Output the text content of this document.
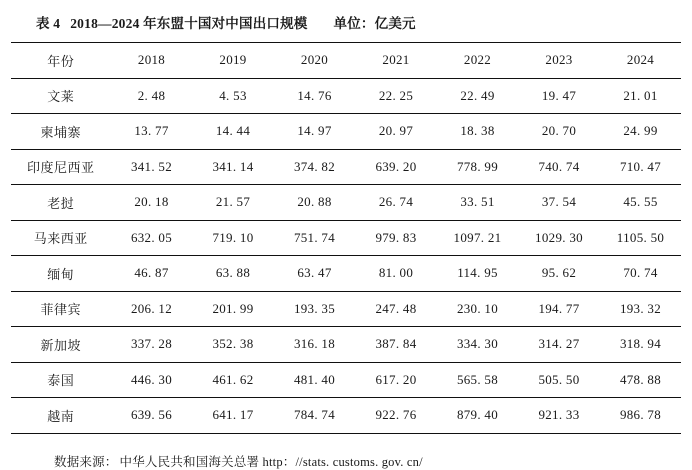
表 4 2018—2024 年东盟十国对中国出口规模 单位：亿美元
年份	2018	2019	2020	2021	2022	2023	2024
文莱	2. 48	4. 53	14. 76	22. 25	22. 49	19. 47	21. 01
柬埔寨	13. 77	14. 44	14. 97	20. 97	18. 38	20. 70	24. 99
印度尼西亚	341. 52	341. 14	374. 82	639. 20	778. 99	740. 74	710. 47
老挝	20. 18	21. 57	20. 88	26. 74	33. 51	37. 54	45. 55
马来西亚	632. 05	719. 10	751. 74	979. 83	1097. 21	1029. 30	1105. 50
缅甸	46. 87	63. 88	63. 47	81. 00	114. 95	95. 62	70. 74
菲律宾	206. 12	201. 99	193. 35	247. 48	230. 10	194. 77	193. 32
新加坡	337. 28	352. 38	316. 18	387. 84	334. 30	314. 27	318. 94
泰国	446. 30	461. 62	481. 40	617. 20	565. 58	505. 50	478. 88
越南	639. 56	641. 17	784. 74	922. 76	879. 40	921. 33	986. 78
数据来源： 中华人民共和国海关总署 http：//stats. customs. gov. cn/
